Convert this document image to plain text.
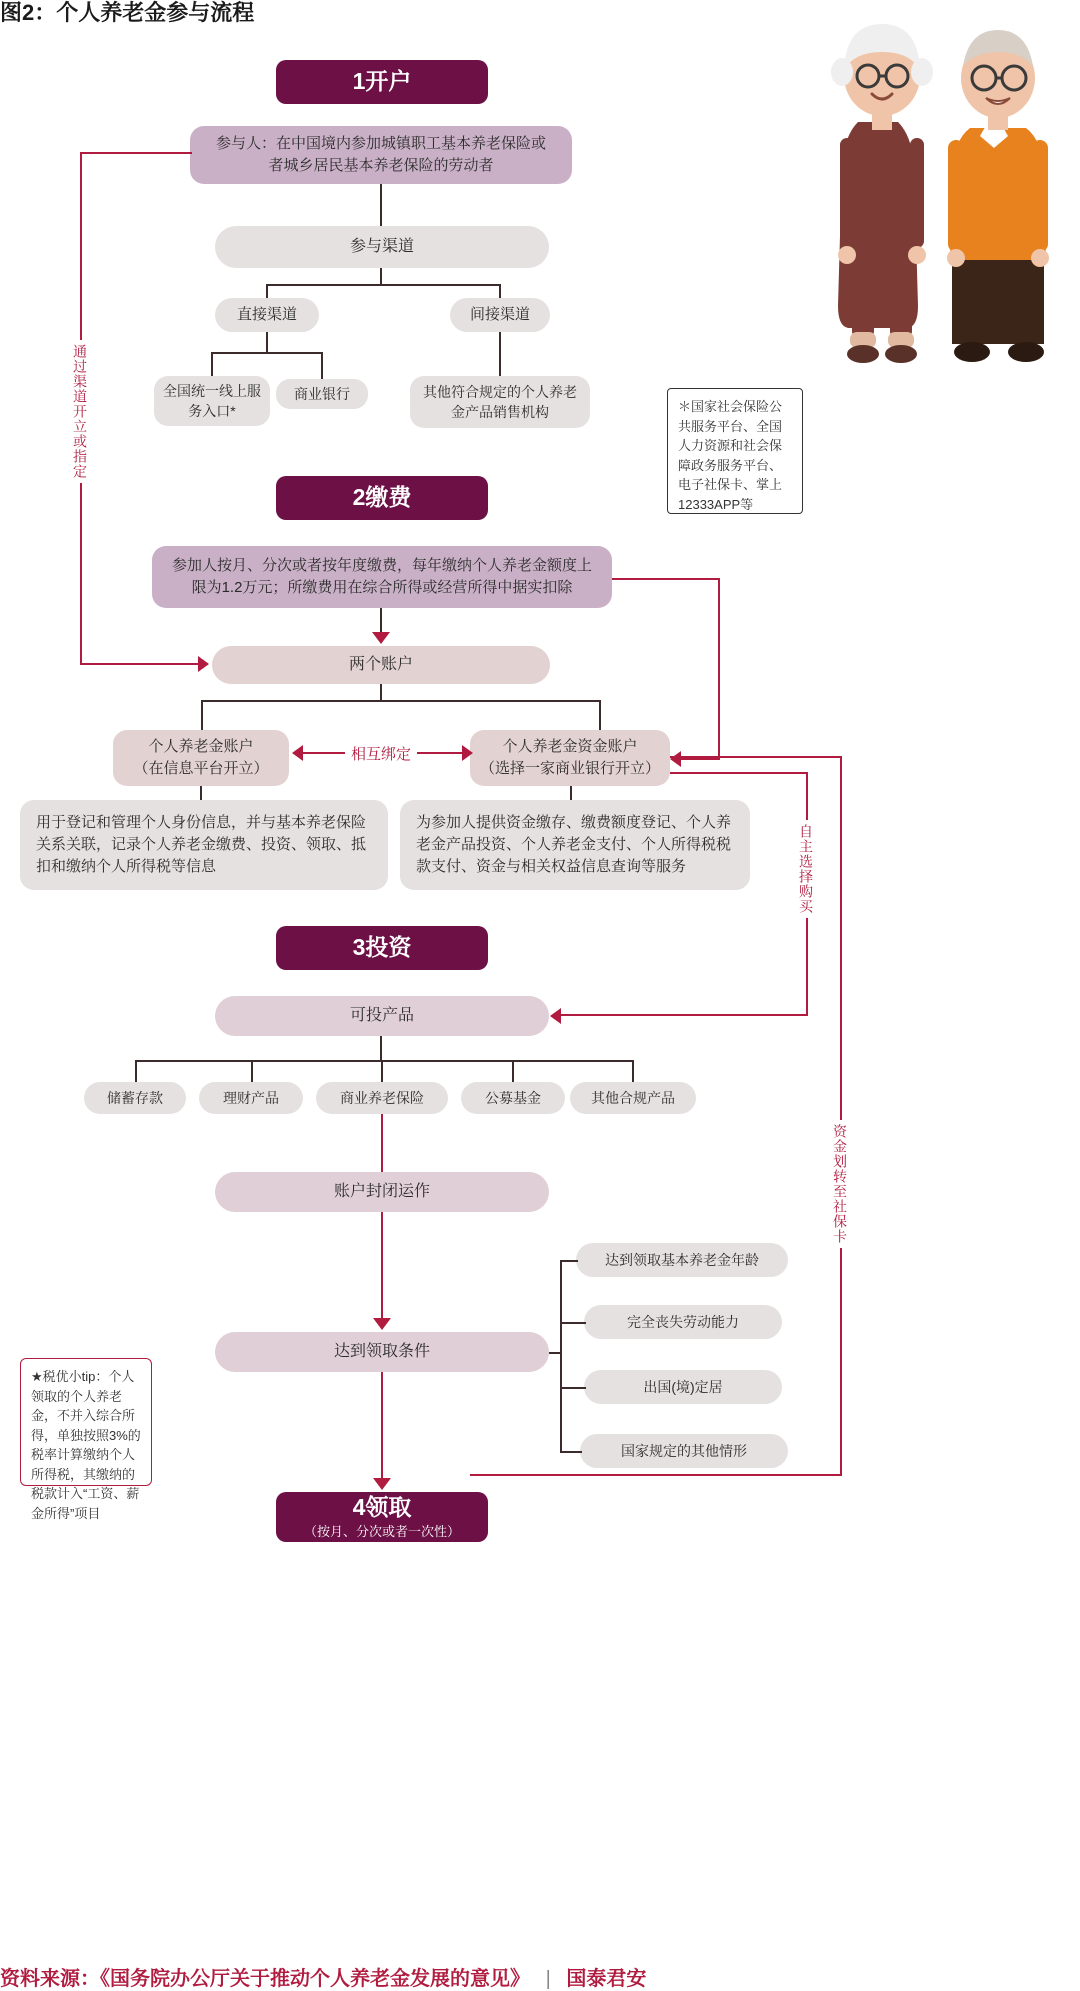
图2：个人养老金参与流程
1开户
参与人：在中国境内参加城镇职工基本养老保险或者城乡居民基本养老保险的劳动者
参与渠道
直接渠道	间接渠道
全国统一线上服务入口*
商业银行	其他符合规定的个人养老金产品销售机构	＊国家社会保险公共服务平台、全国人力资源和社会保障政务服务平台、电子社保卡、掌上12333APP等
2缴费
参加人按月、分次或者按年度缴费，每年缴纳个人养老金额度上限为1.2万元；所缴费用在综合所得或经营所得中据实扣除
两个账户
个人养老金账户
（在信息平台开立）
个人养老金资金账户
（选择一家商业银行开立）
相互绑定
用于登记和管理个人身份信息，并与基本养老保险关系关联，记录个人养老金缴费、投资、领取、抵扣和缴纳个人所得税等信息
为参加人提供资金缴存、缴费额度登记、个人养老金产品投资、个人养老金支付、个人所得税税款支付、资金与相关权益信息查询等服务
通过渠道开立或指定
3投资
可投产品
储蓄存款	理财产品	商业养老保险	公募基金	其他合规产品
自主选择购买
资金划转至社保卡
账户封闭运作
达到领取条件
达到领取基本养老金年龄
完全丧失劳动能力
出国(境)定居
国家规定的其他情形
★税优小tip：个人领取的个人养老金，不并入综合所得，单独按照3%的税率计算缴纳个人所得税，其缴纳的税款计入“工资、薪金所得”项目	4领取
（按月、分次或者一次性）
资料来源：《国务院办公厅关于推动个人养老金发展的意见》 | 国泰君安
